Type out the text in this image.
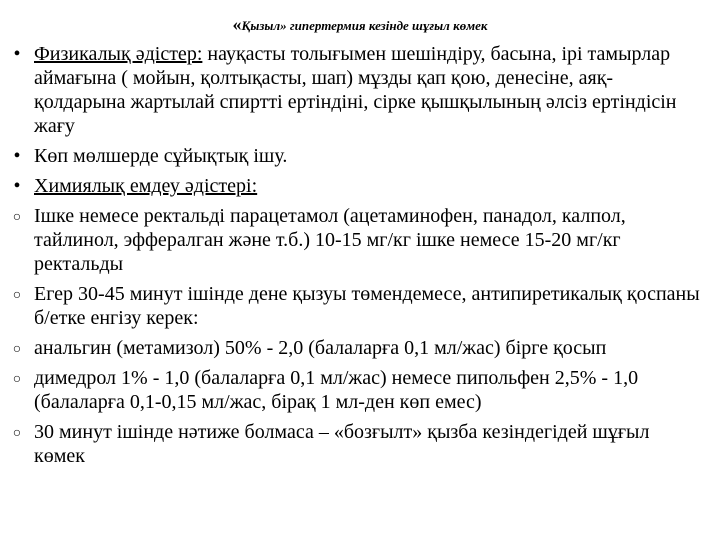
«Қызыл» гипертермия кезінде шұғыл көмек
• Физикалық әдістер: науқасты толығымен шешіндіру, басына, ірі тамырлар аймағына ( мойын, қолтықасты, шап) мұзды қап қою, денесіне, аяқ-қолдарына жартылай спиртті ертіндіні, сірке қышқылының әлсіз ертіндісін жағу
• Көп мөлшерде сұйықтық ішу.
• Химиялық емдеу әдістері:
○ Ішке немесе ректальді парацетамол (ацетаминофен, панадол, калпол, тайлинол, эффералган және т.б.) 10-15 мг/кг ішке немесе 15-20 мг/кг ректальды
○ Егер 30-45 минут ішінде дене қызуы төмендемесе, антипиретикалық қоспаны б/етке енгізу керек:
○ анальгин (метамизол) 50% - 2,0 (балаларға 0,1 мл/жас) бірге қосып
○ димедрол 1% - 1,0 (балаларға 0,1 мл/жас) немесе пипольфен 2,5% - 1,0 (балаларға 0,1-0,15 мл/жас, бірақ 1 мл-ден көп емес)
○ 30 минут ішінде нәтиже болмаса – «бозғылт» қызба кезіндегідей шұғыл көмек
